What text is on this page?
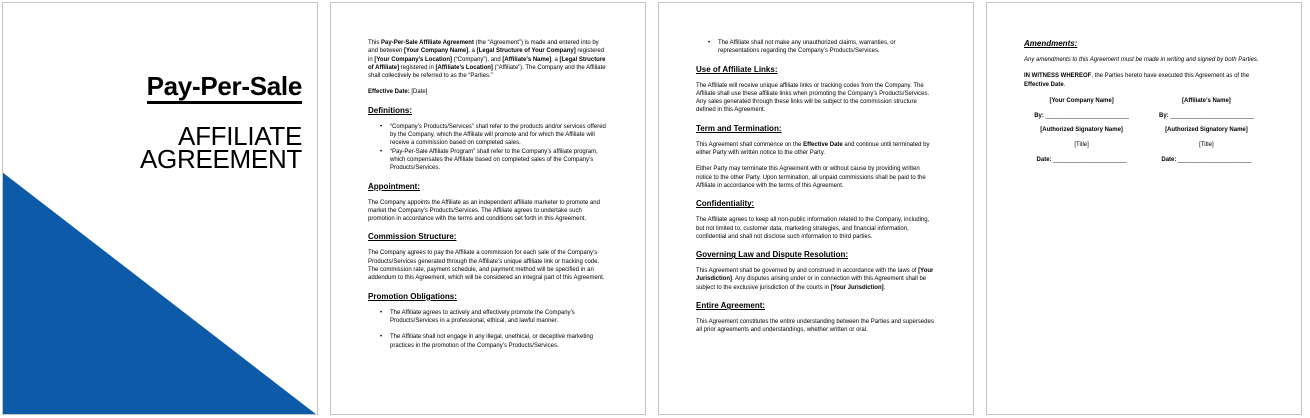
Pay-Per-Sale
AFFILIATE
AGREEMENT

This Pay-Per-Sale Affiliate Agreement (the “Agreement”) is made and entered into by and between [Your Company Name], a [Legal Structure of Your Company] registered in [Your Company’s Location] (“Company”), and [Affiliate’s Name], a [Legal Structure of Affiliate] registered in [Affiliate’s Location] (“Affiliate”). The Company and the Affiliate shall collectively be referred to as the “Parties.”

Effective Date: [Date]

Definitions:
• “Company’s Products/Services” shall refer to the products and/or services offered by the Company, which the Affiliate will promote and for which the Affiliate will receive a commission based on completed sales.
• “Pay-Per-Sale Affiliate Program” shall refer to the Company’s affiliate program, which compensates the Affiliate based on completed sales of the Company’s Products/Services.
Appointment:

The Company appoints the Affiliate as an independent affiliate marketer to promote and market the Company’s Products/Services. The Affiliate agrees to undertake such promotion in accordance with the terms and conditions set forth in this Agreement.

Commission Structure:

The Company agrees to pay the Affiliate a commission for each sale of the Company’s Products/Services generated through the Affiliate’s unique affiliate link or tracking code. The commission rate, payment schedule, and payment method will be specified in an addendum to this Agreement, which will be considered an integral part of this Agreement.

Promotion Obligations:
• The Affiliate agrees to actively and effectively promote the Company’s Products/Services in a professional, ethical, and lawful manner.
• The Affiliate shall not engage in any illegal, unethical, or deceptive marketing practices in the promotion of the Company’s Products/Services.
• The Affiliate shall not make any unauthorized claims, warranties, or representations regarding the Company’s Products/Services.
Use of Affiliate Links:

The Affiliate will receive unique affiliate links or tracking codes from the Company. The Affiliate shall use these affiliate links when promoting the Company’s Products/Services. Any sales generated through these links will be subject to the commission structure defined in this Agreement.

Term and Termination:

This Agreement shall commence on the Effective Date and continue until terminated by either Party with written notice to the other Party.

Either Party may terminate this Agreement with or without cause by providing written notice to the other Party. Upon termination, all unpaid commissions shall be paid to the Affiliate in accordance with the terms of this Agreement.

Confidentiality:

The Affiliate agrees to keep all non-public information related to the Company, including, but not limited to, customer data, marketing strategies, and financial information, confidential and shall not disclose such information to third parties.

Governing Law and Dispute Resolution:

This Agreement shall be governed by and construed in accordance with the laws of [Your Jurisdiction]. Any disputes arising under or in connection with this Agreement shall be subject to the exclusive jurisdiction of the courts in [Your Jurisdiction].

Entire Agreement:

This Agreement constitutes the entire understanding between the Parties and supersedes all prior agreements and understandings, whether written or oral.

Amendments:

Any amendments to this Agreement must be made in writing and signed by both Parties.

IN WITNESS WHEREOF, the Parties hereto have executed this Agreement as of the Effective Date.

[Your Company Name]

By: _________________________

[Authorized Signatory Name]

[Title]

Date: ______________________

[Affiliate’s Name]

By: _________________________

[Authorized Signatory Name]

[Title]

Date: ______________________
